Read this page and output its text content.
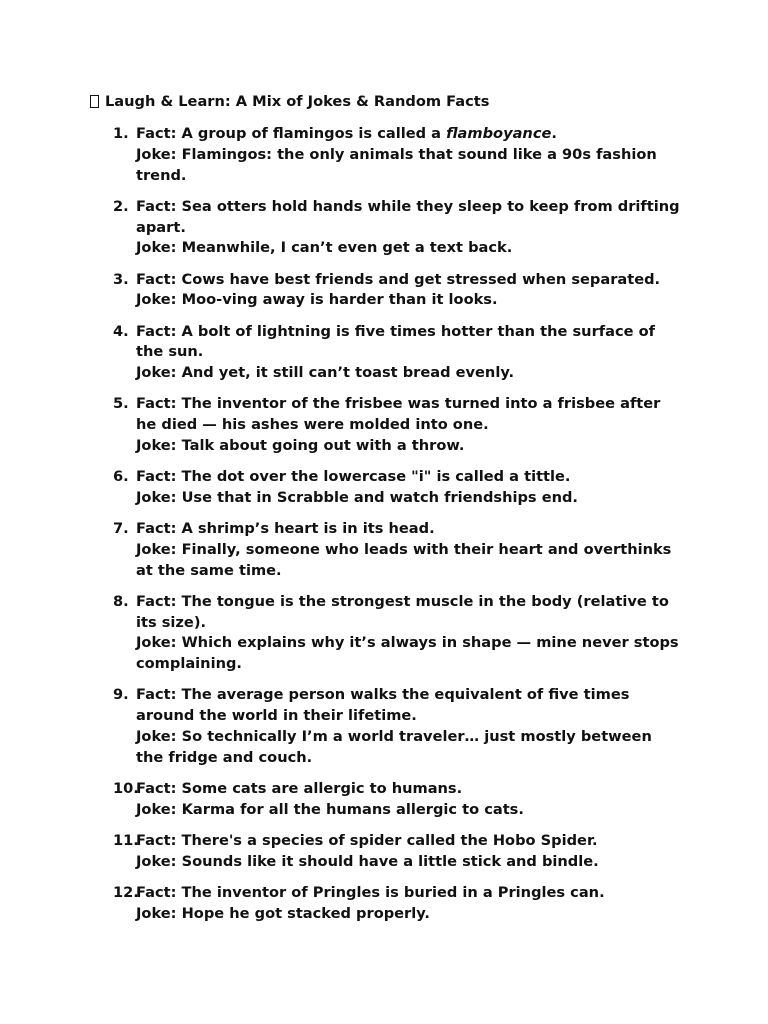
Laugh & Learn: A Mix of Jokes & Random Facts
1. Fact: A group of flamingos is called a flamboyance.
Joke: Flamingos: the only animals that sound like a 90s fashion trend.
2. Fact: Sea otters hold hands while they sleep to keep from drifting apart.
Joke: Meanwhile, I can’t even get a text back.
3. Fact: Cows have best friends and get stressed when separated.
Joke: Moo-ving away is harder than it looks.
4. Fact: A bolt of lightning is five times hotter than the surface of the sun.
Joke: And yet, it still can’t toast bread evenly.
5. Fact: The inventor of the frisbee was turned into a frisbee after he died — his ashes were molded into one.
Joke: Talk about going out with a throw.
6. Fact: The dot over the lowercase "i" is called a tittle.
Joke: Use that in Scrabble and watch friendships end.
7. Fact: A shrimp’s heart is in its head.
Joke: Finally, someone who leads with their heart and overthinks at the same time.
8. Fact: The tongue is the strongest muscle in the body (relative to its size).
Joke: Which explains why it’s always in shape — mine never stops complaining.
9. Fact: The average person walks the equivalent of five times around the world in their lifetime.
Joke: So technically I’m a world traveler… just mostly between the fridge and couch.
10.
Fact: Some cats are allergic to humans.
Joke: Karma for all the humans allergic to cats.
11.
Fact: There's a species of spider called the Hobo Spider.
Joke: Sounds like it should have a little stick and bindle.
12.
Fact: The inventor of Pringles is buried in a Pringles can.
Joke: Hope he got stacked properly.
